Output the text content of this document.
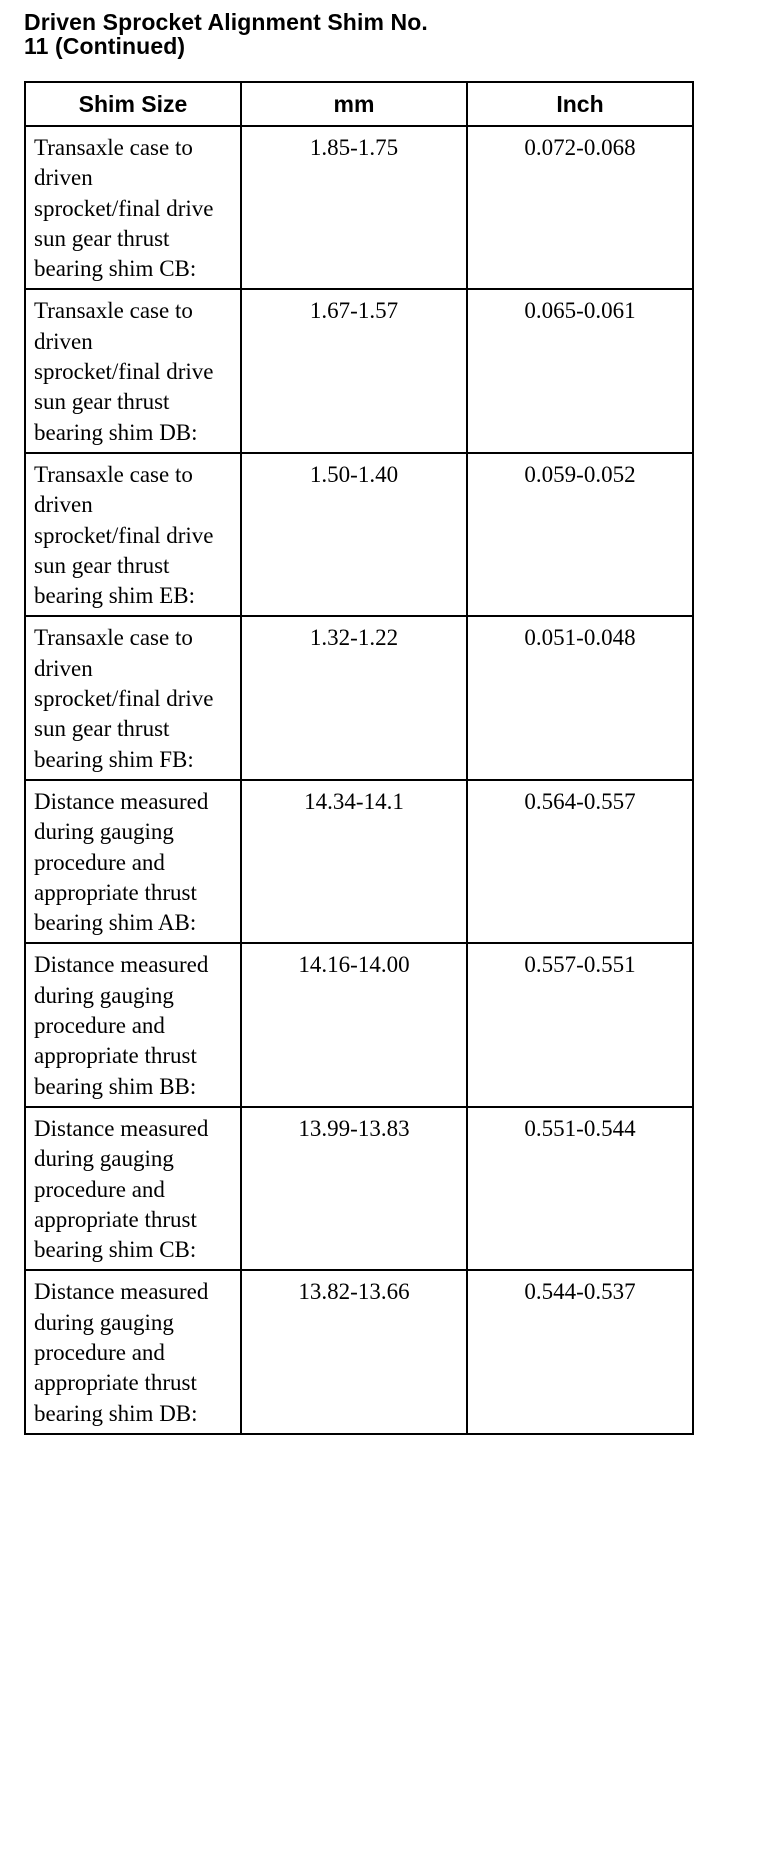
Driven Sprocket Alignment Shim No.
11 (Continued)
Shim Size	mm	Inch

Transaxle case to driven sprocket/final drive sun gear thrust bearing shim CB:	1.85-1.75	0.072-0.068

Transaxle case to driven sprocket/final drive sun gear thrust bearing shim DB:	1.67-1.57	0.065-0.061

Transaxle case to driven sprocket/final drive sun gear thrust bearing shim EB:	1.50-1.40	0.059-0.052

Transaxle case to driven sprocket/final drive sun gear thrust bearing shim FB:	1.32-1.22	0.051-0.048

Distance measured during gauging procedure and appropriate thrust bearing shim AB:	14.34-14.1	0.564-0.557

Distance measured during gauging procedure and appropriate thrust bearing shim BB:	14.16-14.00	0.557-0.551

Distance measured during gauging procedure and appropriate thrust bearing shim CB:	13.99-13.83	0.551-0.544

Distance measured during gauging procedure and appropriate thrust bearing shim DB:	13.82-13.66	0.544-0.537
